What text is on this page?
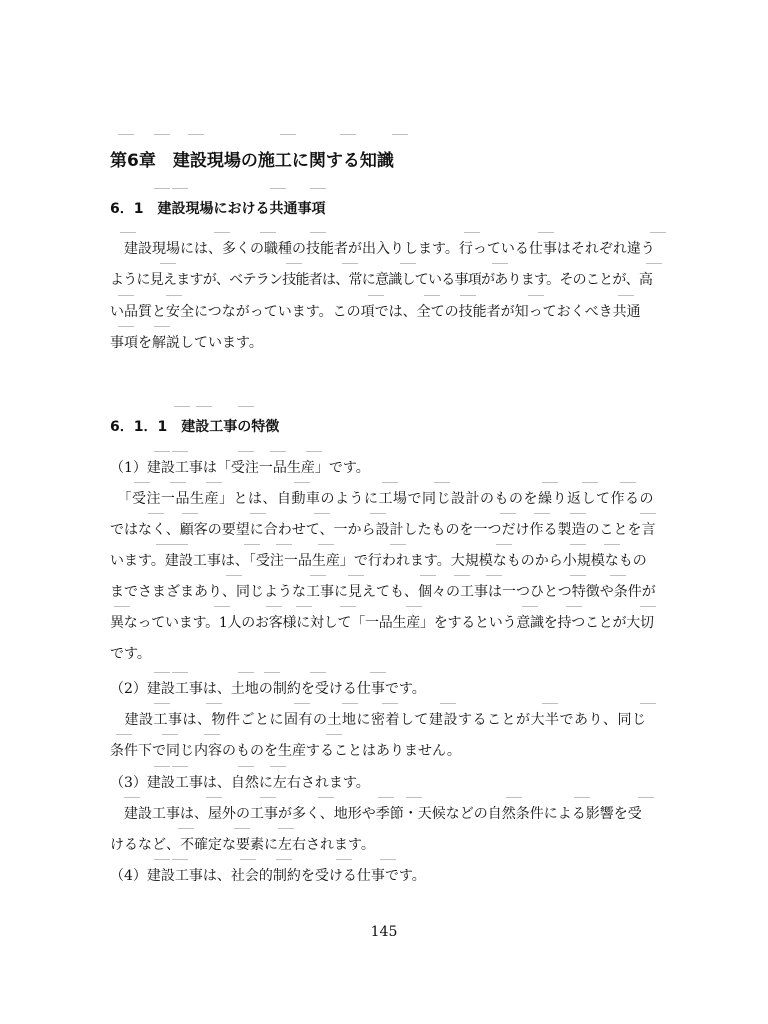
第6章　建設現場の施工に関する知識
6．1　建設現場における共通事項
　建設現場には、多くの職種の技能者が出入りします。行っている仕事はそれぞれ違う
ように見えますが、ベテラン技能者は、常に意識している事項があります。そのことが、高
い品質と安全につながっています。この項では、全ての技能者が知っておくべき共通
事項を解説しています。
6．1．1　建設工事の特徴
（1）建設工事は「受注一品生産」です。
　「受注一品生産」とは、自動車のように工場で同じ設計のものを繰り返して作るの
ではなく、顧客の要望に合わせて、一から設計したものを一つだけ作る製造のことを言
います。建設工事は、「受注一品生産」で行われます。大規模なものから小規模なもの
までさまざまあり、同じような工事に見えても、個々の工事は一つひとつ特徴や条件が
異なっています。1人のお客様に対して「一品生産」をするという意識を持つことが大切
です。
（2）建設工事は、土地の制約を受ける仕事です。
　建設工事は、物件ごとに固有の土地に密着して建設することが大半であり、同じ
条件下で同じ内容のものを生産することはありません。
（3）建設工事は、自然に左右されます。
　建設工事は、屋外の工事が多く、地形や季節・天候などの自然条件による影響を受
けるなど、不確定な要素に左右されます。
（4）建設工事は、社会的制約を受ける仕事です。
145
